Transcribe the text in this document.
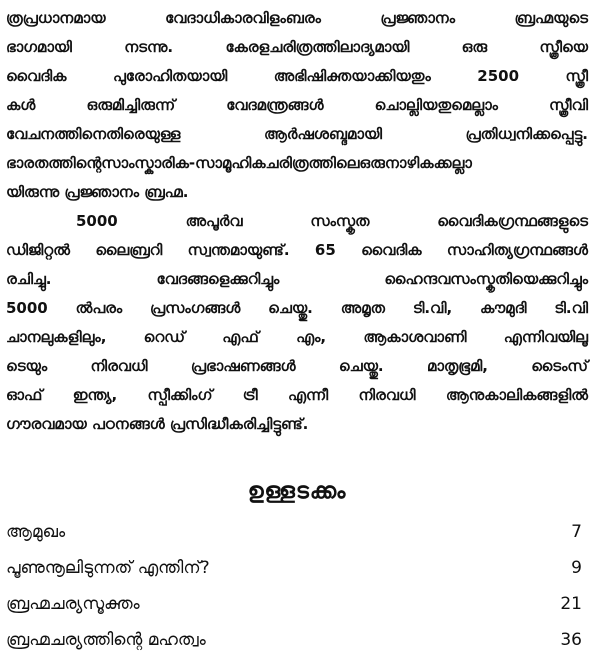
ത്രപ്രധാനമായ വേദാധികാരവിളംബരം പ്രജ്ഞാനം ബ്രഹ്മയുടെ
ഭാഗമായി നടന്നു. കേരളചരിത്രത്തിലാദ്യമായി ഒരു സ്ത്രീയെ
വൈദിക പുരോഹിതയായി അഭിഷിക്തയാക്കിയതും 2500 സ്ത്രീ
കൾ ഒരുമിച്ചിരുന്ന് വേദമന്ത്രങ്ങൾ ചൊല്ലിയതുമെല്ലാം സ്ത്രീവി
വേചനത്തിനെതിരെയുള്ള ആർഷശബ്ദമായി പ്രതിധ്വനിക്കപ്പെട്ടു.
ഭാരതത്തിന്റെസാംസ്കാരിക-സാമൂഹികചരിത്രത്തിലെഒരുനാഴികക്കല്ലാ
യിരുന്നു പ്രജ്ഞാനം ബ്രഹ്മ.
5000 അപൂർവ സംസ്കൃത വൈദികഗ്രന്ഥങ്ങളുടെ
ഡിജിറ്റൽ ലൈബ്രറി സ്വന്തമായുണ്ട്. 65 വൈദിക സാഹിത്യഗ്രന്ഥങ്ങൾ
രചിച്ചു. വേദങ്ങളെക്കുറിച്ചും ഹൈന്ദവസംസ്കൃതിയെക്കുറിച്ചും
5000 ൽപരം പ്രസംഗങ്ങൾ ചെയ്തു. അമൃത ടി.വി, കൗമുദി ടി.വി
ചാനലുകളിലും, റെഡ് എഫ് എം, ആകാശവാണി എന്നിവയിലൂ
ടെയും നിരവധി പ്രഭാഷണങ്ങൾ ചെയ്തു. മാതൃഭൂമി, ടൈംസ്
ഓഫ് ഇന്ത്യ, സ്പീക്കിംഗ് ട്രീ എന്നീ നിരവധി ആനുകാലികങ്ങളിൽ
ഗൗരവമായ പഠനങ്ങൾ പ്രസിദ്ധീകരിച്ചിട്ടുണ്ട്.
ഉള്ളടക്കം
ആമുഖം	7
പൂണുനൂലിടുന്നത് എന്തിന്?	9
ബ്രഹ്മചര്യസൂക്തം	21
ബ്രഹ്മചര്യത്തിന്റെ മഹത്വം	36
